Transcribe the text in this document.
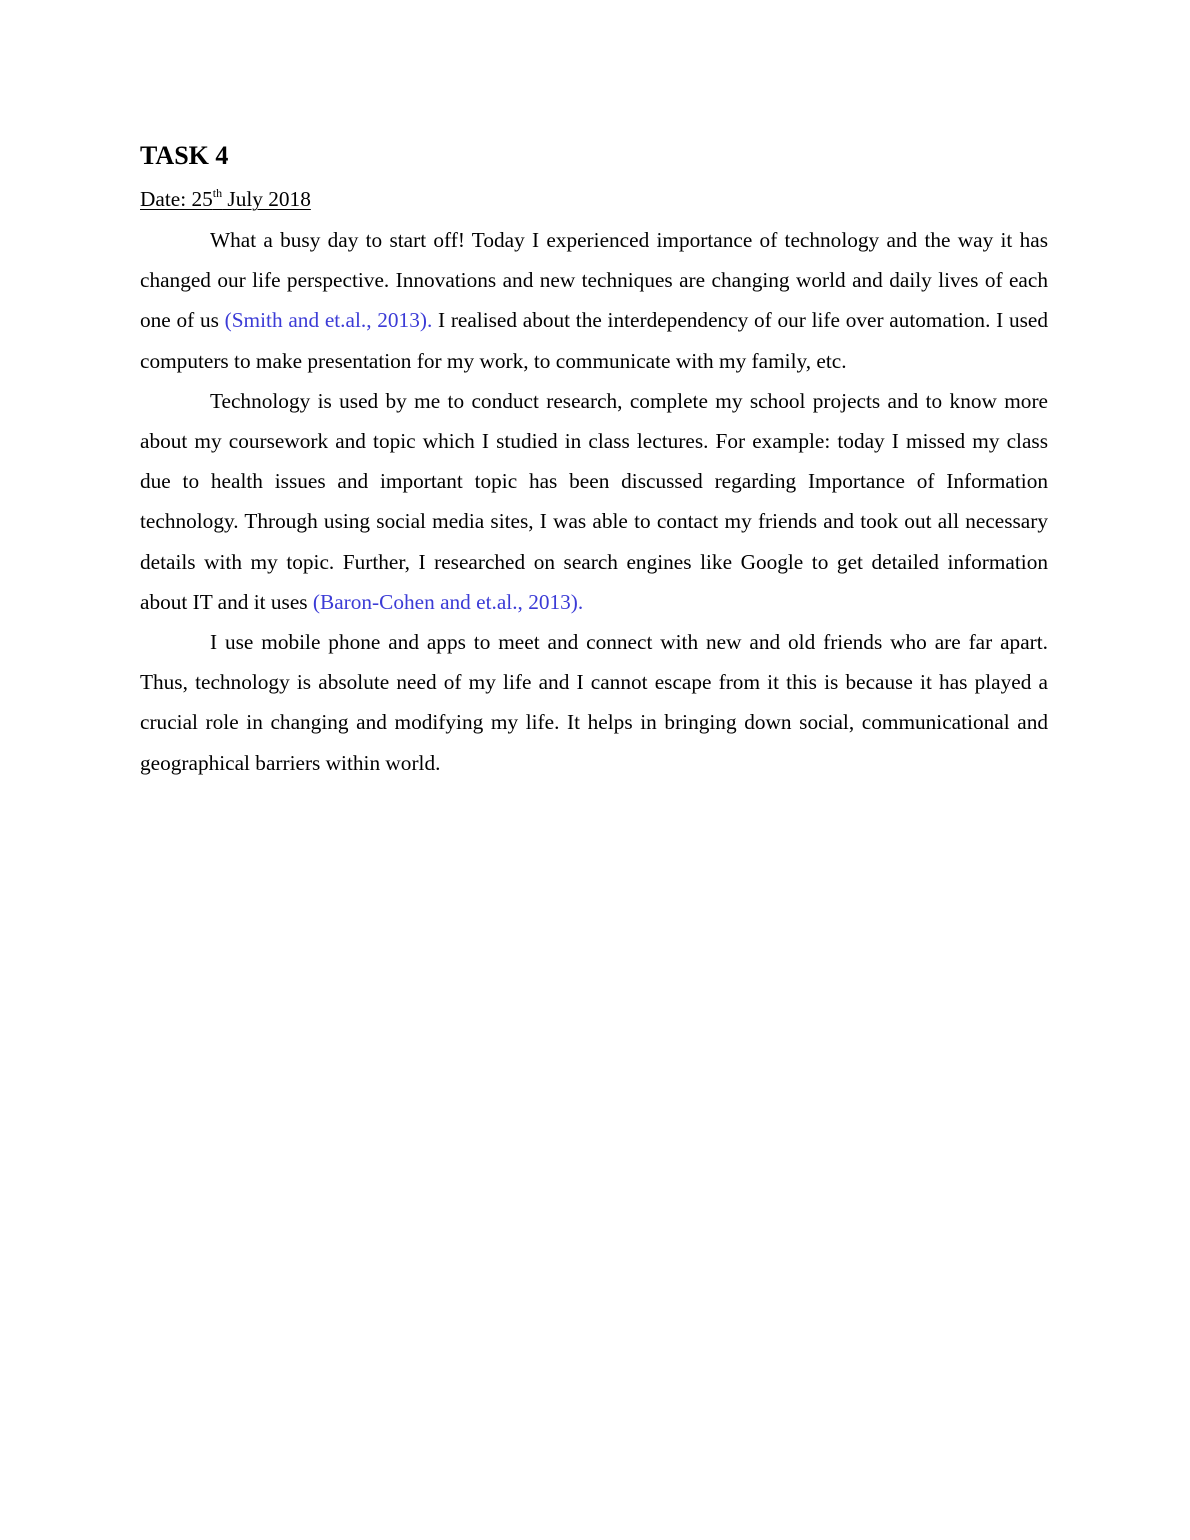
TASK 4
Date: 25th July 2018

What a busy day to start off! Today I experienced importance of technology and the way it has changed our life perspective. Innovations and new techniques are changing world and daily lives of each one of us (Smith and et.al., 2013). I realised about the interdependency of our life over automation. I used computers to make presentation for my work, to communicate with my family, etc.

Technology is used by me to conduct research, complete my school projects and to know more about my coursework and topic which I studied in class lectures. For example: today I missed my class due to health issues and important topic has been discussed regarding Importance of Information technology. Through using social media sites, I was able to contact my friends and took out all necessary details with my topic. Further, I researched on search engines like Google to get detailed information about IT and it uses (Baron-Cohen and et.al., 2013).

I use mobile phone and apps to meet and connect with new and old friends who are far apart. Thus, technology is absolute need of my life and I cannot escape from it this is because it has played a crucial role in changing and modifying my life. It helps in bringing down social, communicational and geographical barriers within world.
